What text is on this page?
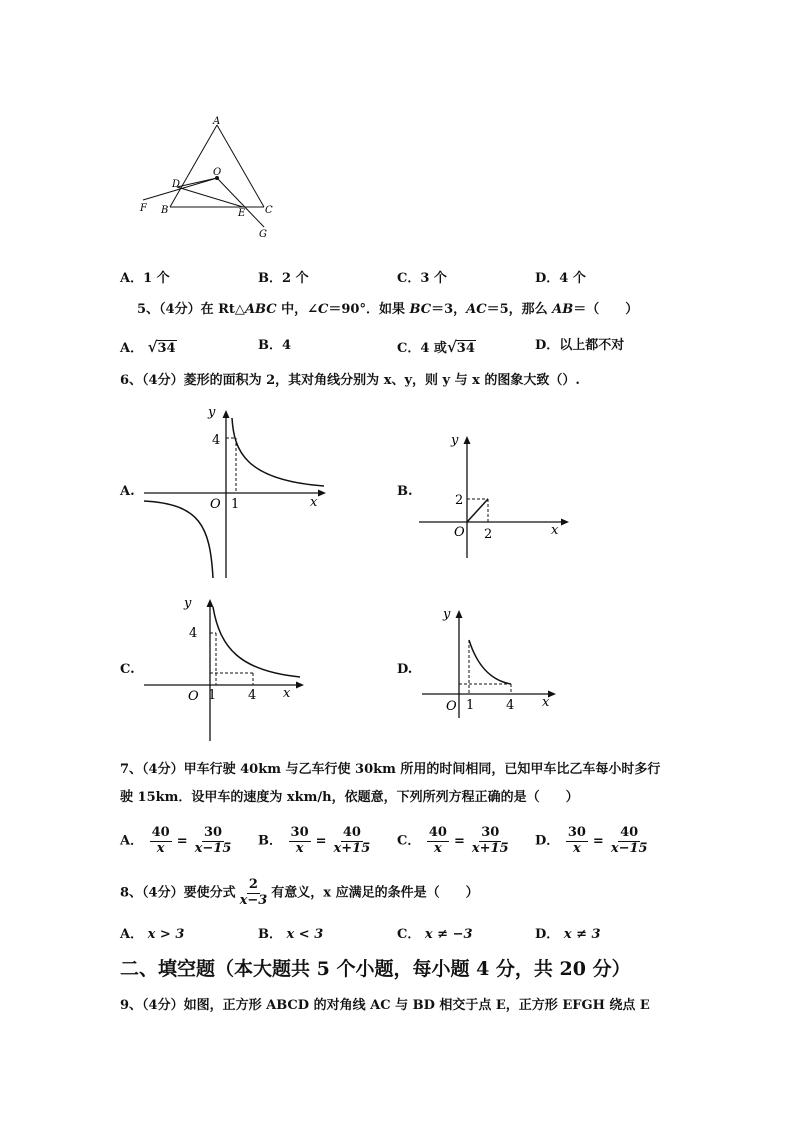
A
O
D
F B	E C
G
A．1 个	B．2 个	C．3 个	D．4 个
5、（4分）在 Rt△ABC 中，∠C＝90°．如果 BC＝3，AC＝5，那么 AB＝（　　）
A． √34	B．4	C．4 或√34	D．以上都不对
6、（4分）菱形的面积为 2，其对角线分别为 x、y，则 y 与 x 的图象大致（）.
A.
y
4
O 1	x
B.
y
2
O 2	x
C.
y
4
O 1 4 x
D.
y
O 1 4 x
7、（4分）甲车行驶 40km 与乙车行使 30km 所用的时间相同，已知甲车比乙车每小时多行
驶 15km．设甲车的速度为 xkm/h，依题意，下列所列方程正确的是（　　）
A． $\frac{40}{x} = \frac{30}{x-15}$ B． $\frac{30}{x} = \frac{40}{x+15}$ C． $\frac{40}{x} = \frac{30}{x+15}$ D． $\frac{30}{x} = \frac{40}{x-15}$
8、（4分）要使分式 $\frac{2}{x-3}$ 有意义，x 应满足的条件是（　　）
A． x > 3	B． x < 3	C． x ≠ −3	D． x ≠ 3
二、填空题（本大题共 5 个小题，每小题 4 分，共 20 分）
9、（4分）如图，正方形 ABCD 的对角线 AC 与 BD 相交于点 E，正方形 EFGH 绕点 E
